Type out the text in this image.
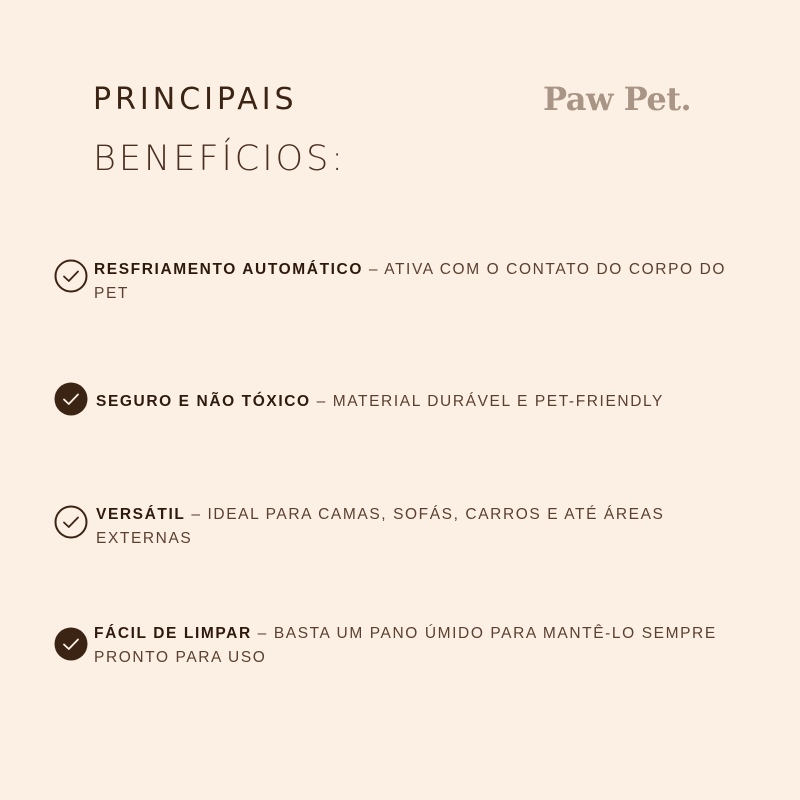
PRINCIPAIS
BENEFÍCIOS:
Paw Pet.
RESFRIAMENTO AUTOMÁTICO – ATIVA COM O CONTATO DO CORPO DO PET
SEGURO E NÃO TÓXICO – MATERIAL DURÁVEL E PET-FRIENDLY
VERSÁTIL – IDEAL PARA CAMAS, SOFÁS, CARROS E ATÉ ÁREAS EXTERNAS
FÁCIL DE LIMPAR – BASTA UM PANO ÚMIDO PARA MANTÊ-LO SEMPRE PRONTO PARA USO
